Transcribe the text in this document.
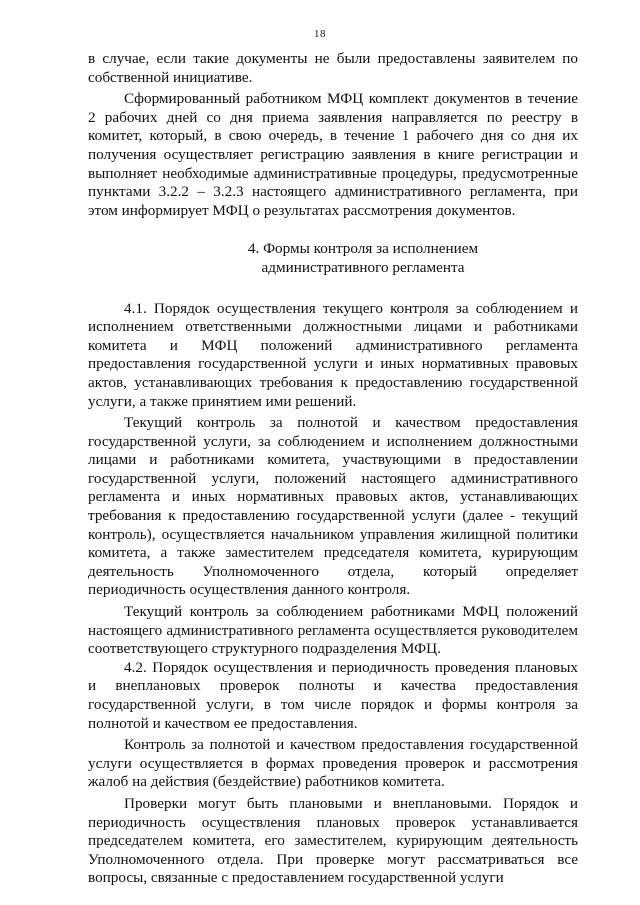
18

в случае, если такие документы не были предоставлены заявителем по собственной инициативе.

Сформированный работником МФЦ комплект документов в течение 2 рабочих дней со дня приема заявления направляется по реестру в комитет, который, в свою очередь, в течение 1 рабочего дня со дня их получения осуществляет регистрацию заявления в книге регистрации и выполняет необходимые административные процедуры, предусмотренные пунктами 3.2.2 – 3.2.3 настоящего административного регламента, при этом информирует МФЦ о результатах рассмотрения документов.

4. Формы контроля за исполнением
административного регламента

4.1. Порядок осуществления текущего контроля за соблюдением и исполнением ответственными должностными лицами и работниками комитета и МФЦ положений административного регламента предоставления государственной услуги и иных нормативных правовых актов, устанавливающих требования к предоставлению государственной услуги, а также принятием ими решений.

Текущий контроль за полнотой и качеством предоставления государственной услуги, за соблюдением и исполнением должностными лицами и работниками комитета, участвующими в предоставлении государственной услуги, положений настоящего административного регламента и иных нормативных правовых актов, устанавливающих требования к предоставлению государственной услуги (далее - текущий контроль), осуществляется начальником управления жилищной политики комитета, а также заместителем председателя комитета, курирующим деятельность Уполномоченного отдела, который определяет периодичность осуществления данного контроля.

Текущий контроль за соблюдением работниками МФЦ положений настоящего административного регламента осуществляется руководителем соответствующего структурного подразделения МФЦ.

4.2. Порядок осуществления и периодичность проведения плановых и внеплановых проверок полноты и качества предоставления государственной услуги, в том числе порядок и формы контроля за полнотой и качеством ее предоставления.

Контроль за полнотой и качеством предоставления государственной услуги осуществляется в формах проведения проверок и рассмотрения жалоб на действия (бездействие) работников комитета.

Проверки могут быть плановыми и внеплановыми. Порядок и периодичность осуществления плановых проверок устанавливается председателем комитета, его заместителем, курирующим деятельность Уполномоченного отдела. При проверке могут рассматриваться все вопросы, связанные с предоставлением государственной услуги
